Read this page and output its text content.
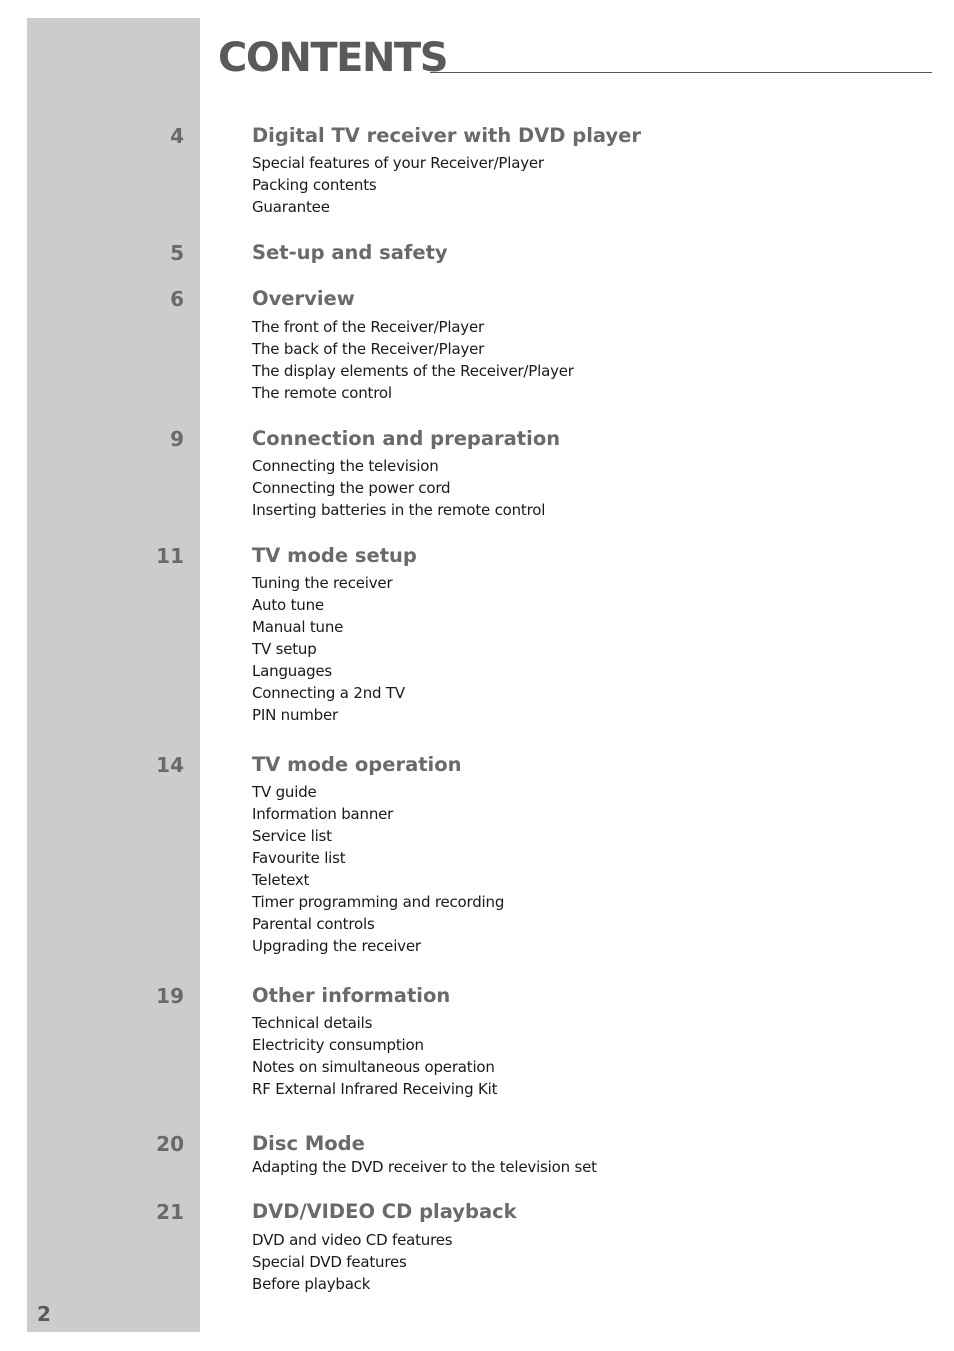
CONTENTS
4	Digital TV receiver with DVD player
Special features of your Receiver/Player
Packing contents
Guarantee
5	Set-up and safety
6	Overview
The front of the Receiver/Player
The back of the Receiver/Player
The display elements of the Receiver/Player
The remote control
9	Connection and preparation
Connecting the television
Connecting the power cord
Inserting batteries in the remote control
11	TV mode setup
Tuning the receiver
Auto tune
Manual tune
TV setup
Languages
Connecting a 2nd TV
PIN number
14	TV mode operation
TV guide
Information banner
Service list
Favourite list
Teletext
Timer programming and recording
Parental controls
Upgrading the receiver
19	Other information
Technical details
Electricity consumption
Notes on simultaneous operation
RF External Infrared Receiving Kit
20	Disc Mode
Adapting the DVD receiver to the television set
21	DVD/VIDEO CD playback
DVD and video CD features
Special DVD features
Before playback
2
